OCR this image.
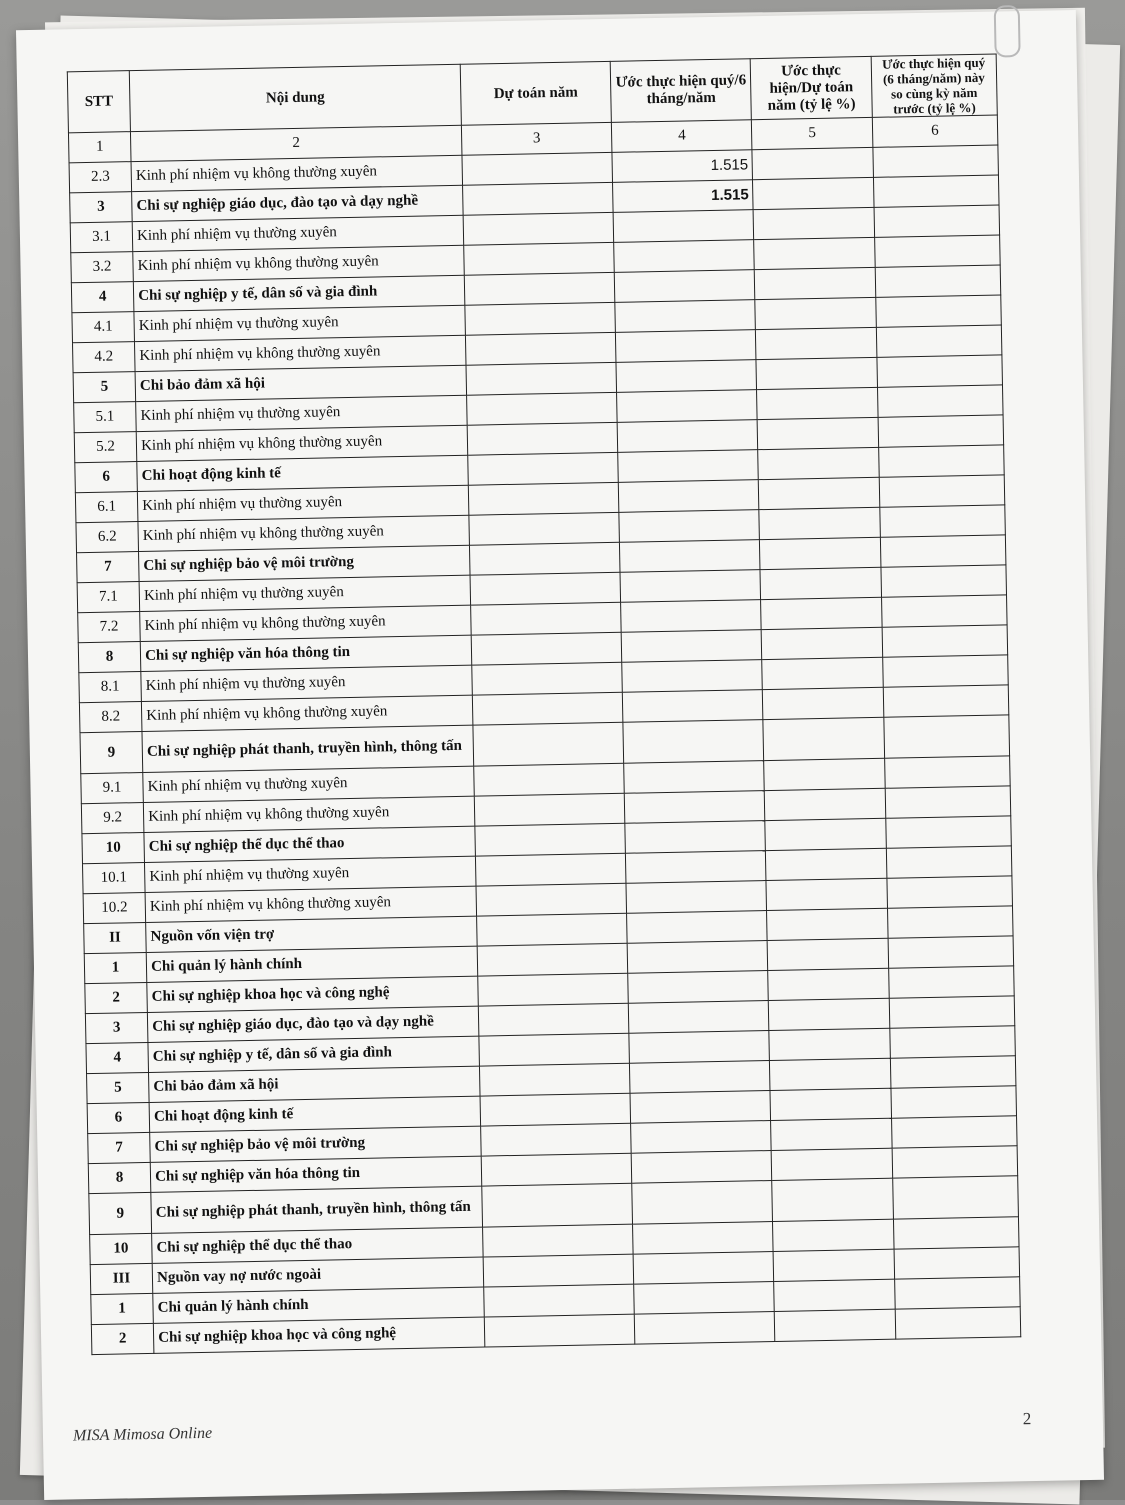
STT	Nội dung	Dự toán năm	Ước thực hiện quý/6 tháng/năm	Ước thực hiện/Dự toán năm (tỷ lệ %)	Ước thực hiện quý (6 tháng/năm) này so cùng kỳ năm trước (tỷ lệ %)
1	2	3	4	5	6
2.3	Kinh phí nhiệm vụ không thường xuyên		1.515		
3	Chi sự nghiệp giáo dục, đào tạo và dạy nghề		1.515		
3.1	Kinh phí nhiệm vụ thường xuyên				
3.2	Kinh phí nhiệm vụ không thường xuyên				
4	Chi sự nghiệp y tế, dân số và gia đình				
4.1	Kinh phí nhiệm vụ thường xuyên				
4.2	Kinh phí nhiệm vụ không thường xuyên				
5	Chi bảo đảm xã hội				
5.1	Kinh phí nhiệm vụ thường xuyên				
5.2	Kinh phí nhiệm vụ không thường xuyên				
6	Chi hoạt động kinh tế				
6.1	Kinh phí nhiệm vụ thường xuyên				
6.2	Kinh phí nhiệm vụ không thường xuyên				
7	Chi sự nghiệp bảo vệ môi trường				
7.1	Kinh phí nhiệm vụ thường xuyên				
7.2	Kinh phí nhiệm vụ không thường xuyên				
8	Chi sự nghiệp văn hóa thông tin				
8.1	Kinh phí nhiệm vụ thường xuyên				
8.2	Kinh phí nhiệm vụ không thường xuyên				
9	Chi sự nghiệp phát thanh, truyền hình, thông tấn				
9.1	Kinh phí nhiệm vụ thường xuyên				
9.2	Kinh phí nhiệm vụ không thường xuyên				
10	Chi sự nghiệp thể dục thể thao				
10.1	Kinh phí nhiệm vụ thường xuyên				
10.2	Kinh phí nhiệm vụ không thường xuyên				
II	Nguồn vốn viện trợ				
1	Chi quản lý hành chính				
2	Chi sự nghiệp khoa học và công nghệ				
3	Chi sự nghiệp giáo dục, đào tạo và dạy nghề				
4	Chi sự nghiệp y tế, dân số và gia đình				
5	Chi bảo đảm xã hội				
6	Chi hoạt động kinh tế				
7	Chi sự nghiệp bảo vệ môi trường				
8	Chi sự nghiệp văn hóa thông tin				
9	Chi sự nghiệp phát thanh, truyền hình, thông tấn				
10	Chi sự nghiệp thể dục thể thao				
III	Nguồn vay nợ nước ngoài				
1	Chi quản lý hành chính				
2	Chi sự nghiệp khoa học và công nghệ				
MISA Mimosa Online
2
